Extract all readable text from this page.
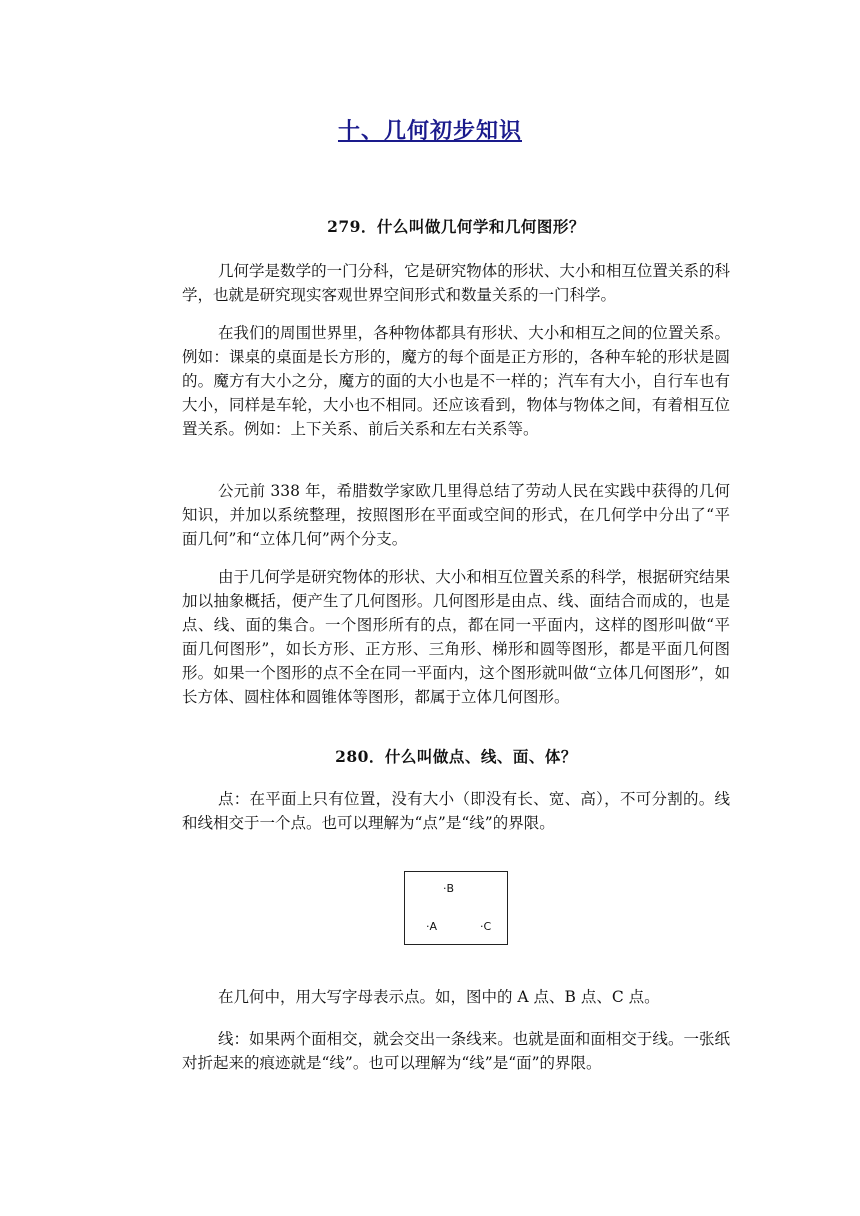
十、几何初步知识
279．什么叫做几何学和几何图形？

几何学是数学的一门分科，它是研究物体的形状、大小和相互位置关系的科学，也就是研究现实客观世界空间形式和数量关系的一门科学。

在我们的周围世界里，各种物体都具有形状、大小和相互之间的位置关系。例如：课桌的桌面是长方形的，魔方的每个面是正方形的，各种车轮的形状是圆的。魔方有大小之分，魔方的面的大小也是不一样的；汽车有大小，自行车也有大小，同样是车轮，大小也不相同。还应该看到，物体与物体之间，有着相互位置关系。例如：上下关系、前后关系和左右关系等。

公元前 338 年，希腊数学家欧几里得总结了劳动人民在实践中获得的几何知识，并加以系统整理，按照图形在平面或空间的形式，在几何学中分出了“平面几何”和“立体几何”两个分支。

由于几何学是研究物体的形状、大小和相互位置关系的科学，根据研究结果加以抽象概括，便产生了几何图形。几何图形是由点、线、面结合而成的，也是点、线、面的集合。一个图形所有的点，都在同一平面内，这样的图形叫做“平面几何图形”，如长方形、正方形、三角形、梯形和圆等图形，都是平面几何图形。如果一个图形的点不全在同一平面内，这个图形就叫做“立体几何图形”，如长方体、圆柱体和圆锥体等图形，都属于立体几何图形。

280．什么叫做点、线、面、体？

点：在平面上只有位置，没有大小（即没有长、宽、高），不可分割的。线和线相交于一个点。也可以理解为“点”是“线”的界限。

·B
·A	·C

在几何中，用大写字母表示点。如，图中的 A 点、B 点、C 点。

线：如果两个面相交，就会交出一条线来。也就是面和面相交于线。一张纸对折起来的痕迹就是“线”。也可以理解为“线”是“面”的界限。
